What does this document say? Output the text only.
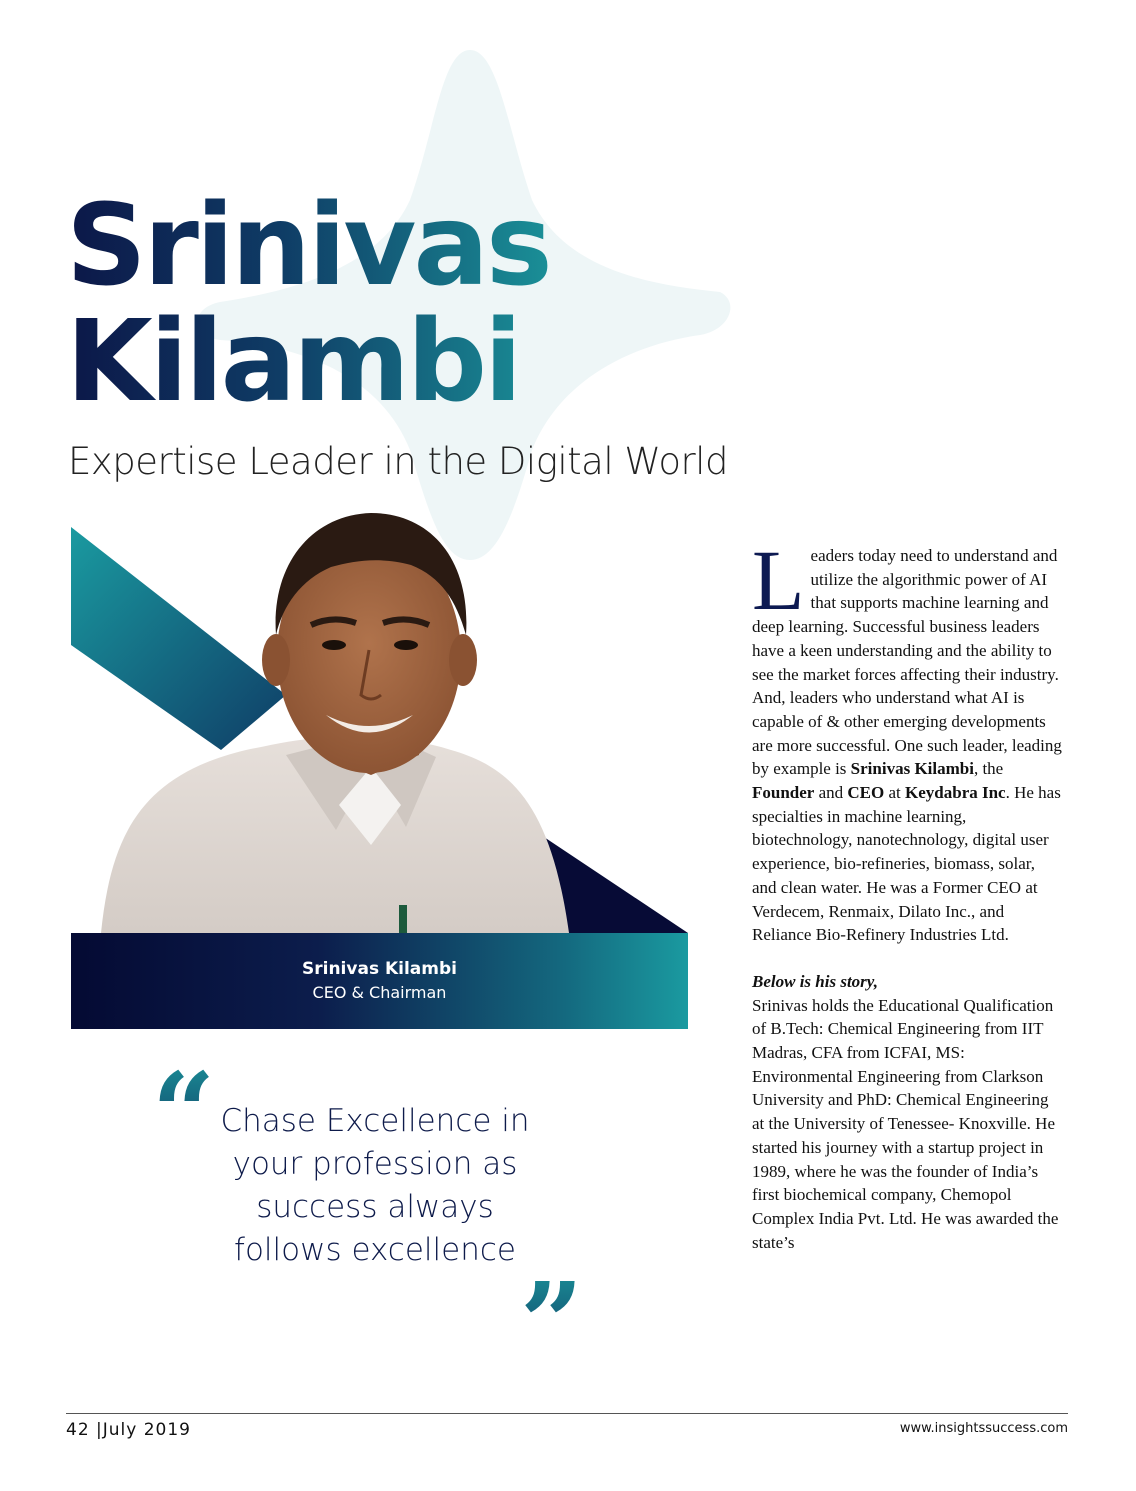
Srinivas
Kilambi
Expertise Leader in the Digital World
Srinivas Kilambi
CEO & Chairman
“ Chase Excellence in your profession as success always follows excellence
”

Leaders today need to understand and utilize the algorithmic power of AI that supports machine learning and deep learning. Successful business leaders have a keen understanding and the ability to see the market forces affecting their industry. And, leaders who understand what AI is capable of & other emerging developments are more successful. One such leader, leading by example is Srinivas Kilambi, the Founder and CEO at Keydabra Inc. He has specialties in machine learning, biotechnology, nanotechnology, digital user experience, bio-refineries, biomass, solar, and clean water. He was a Former CEO at Verdecem, Renmaix, Dilato Inc., and Reliance Bio-Refinery Industries Ltd.

Below is his story,

Srinivas holds the Educational Qualification of B.Tech: Chemical Engineering from IIT Madras, CFA from ICFAI, MS: Environmental Engineering from Clarkson University and PhD: Chemical Engineering at the University of Tenessee- Knoxville. He started his journey with a startup project in 1989, where he was the founder of India’s first biochemical company, Chemopol Complex India Pvt. Ltd. He was awarded the state’s

42 |July 2019	www.insightssuccess.com
